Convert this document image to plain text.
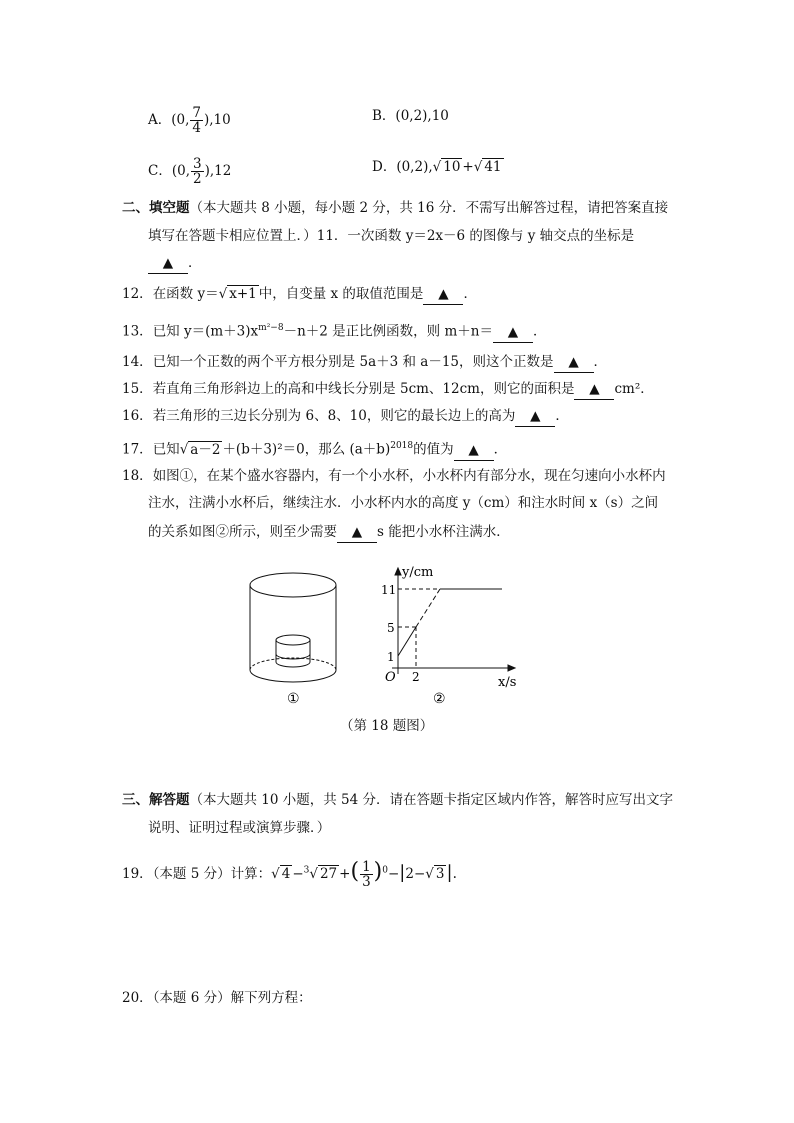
A．(0, $\frac{7}{4} ),10$	B．(0,2),10
C．(0, $\frac{3}{2} ),12$	D．(0,2),√ 10 +√ 41
二、填空题（本大题共 8 小题，每小题 2 分，共 16 分．不需写出解答过程，请把答案直接
填写在答题卡相应位置上．）11．一次函数 y＝2x－6 的图像与 y 轴交点的坐标是
▲ ．
12．在函数 y＝√ x+1 中，自变量 x 的取值范围是 ▲ ．
13．已知 $y=(m+3)x^{m^2-8}-n+2$ 是正比例函数，则 m＋n＝ ▲ ．
14．已知一个正数的两个平方根分别是 5a＋3 和 a－15，则这个正数是 ▲ ．
15．若直角三角形斜边上的高和中线长分别是 5cm、12cm，则它的面积是 ▲ cm²．
16．若三角形的三边长分别为 6、8、10，则它的最长边上的高为 ▲ ．
17．已知√ a－2 ＋(b＋3)²＝0，那么 $(a+b)^{2018}$的值为 ▲ ．
18．如图①，在某个盛水容器内，有一个小水杯，小水杯内有部分水，现在匀速向小水杯内
注水，注满小水杯后，继续注水．小水杯内水的高度 y（cm）和注水时间 x（s）之间
的关系如图②所示，则至少需要 ▲ s 能把小水杯注满水．
①
y/cm
x/s
O
11
5
1
2
②
（第 18 题图）
三、解答题（本大题共 10 小题，共 54 分．请在答题卡指定区域内作答，解答时应写出文字
说明、证明过程或演算步骤．）
19．（本题 5 分）计算：√ 4 −$^3$√ 27 +( $\frac{1}{3} )^0-|2-√$ 3 |.
20．（本题 6 分）解下列方程：
